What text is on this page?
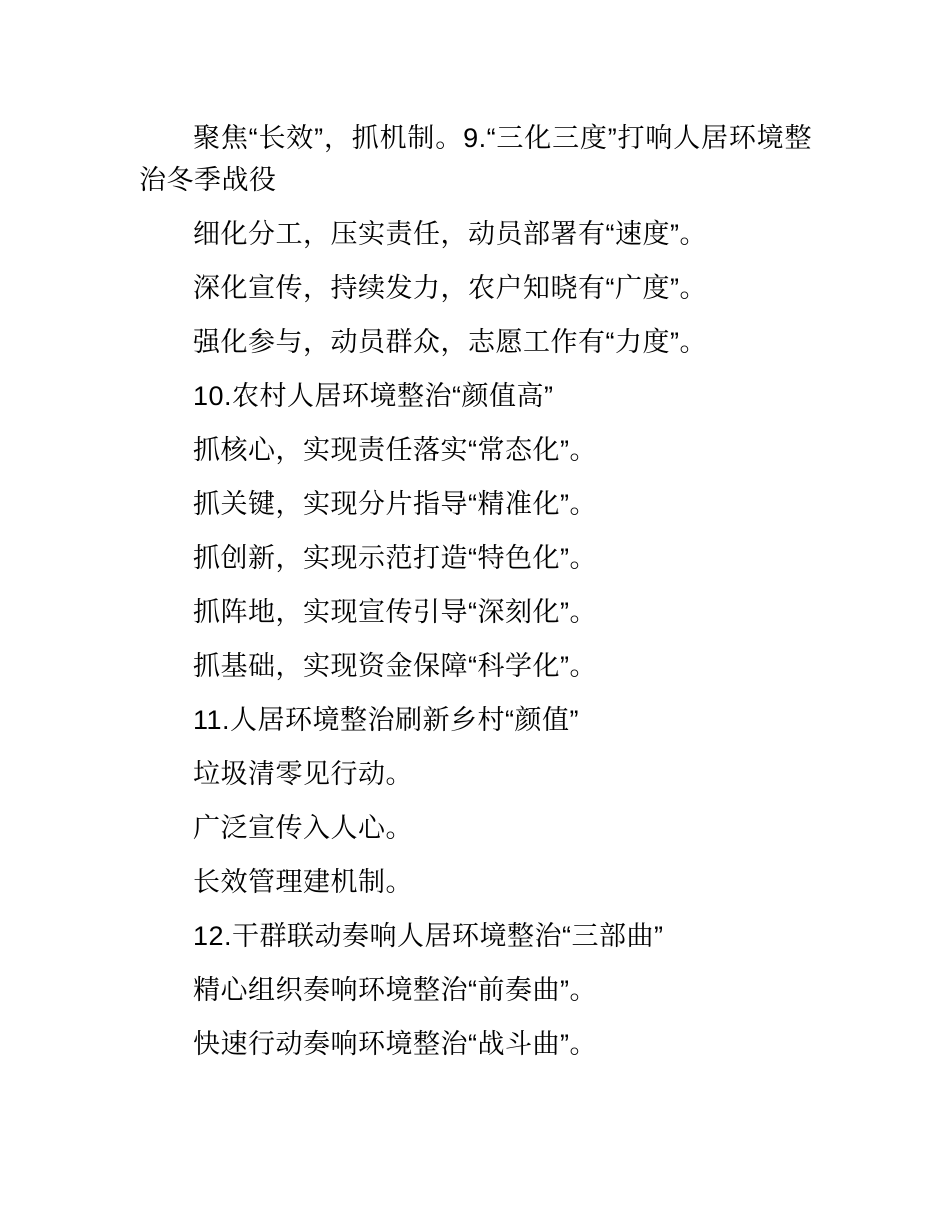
聚焦“长效”，抓机制。9.“三化三度”打响人居环境整治冬季战役

细化分工，压实责任，动员部署有“速度”。

深化宣传，持续发力，农户知晓有“广度”。

强化参与，动员群众，志愿工作有“力度”。

10.农村人居环境整治“颜值高”

抓核心，实现责任落实“常态化”。

抓关键，实现分片指导“精准化”。

抓创新，实现示范打造“特色化”。

抓阵地，实现宣传引导“深刻化”。

抓基础，实现资金保障“科学化”。

11.人居环境整治刷新乡村“颜值”

垃圾清零见行动。

广泛宣传入人心。

长效管理建机制。

12.干群联动奏响人居环境整治“三部曲”

精心组织奏响环境整治“前奏曲”。

快速行动奏响环境整治“战斗曲”。
